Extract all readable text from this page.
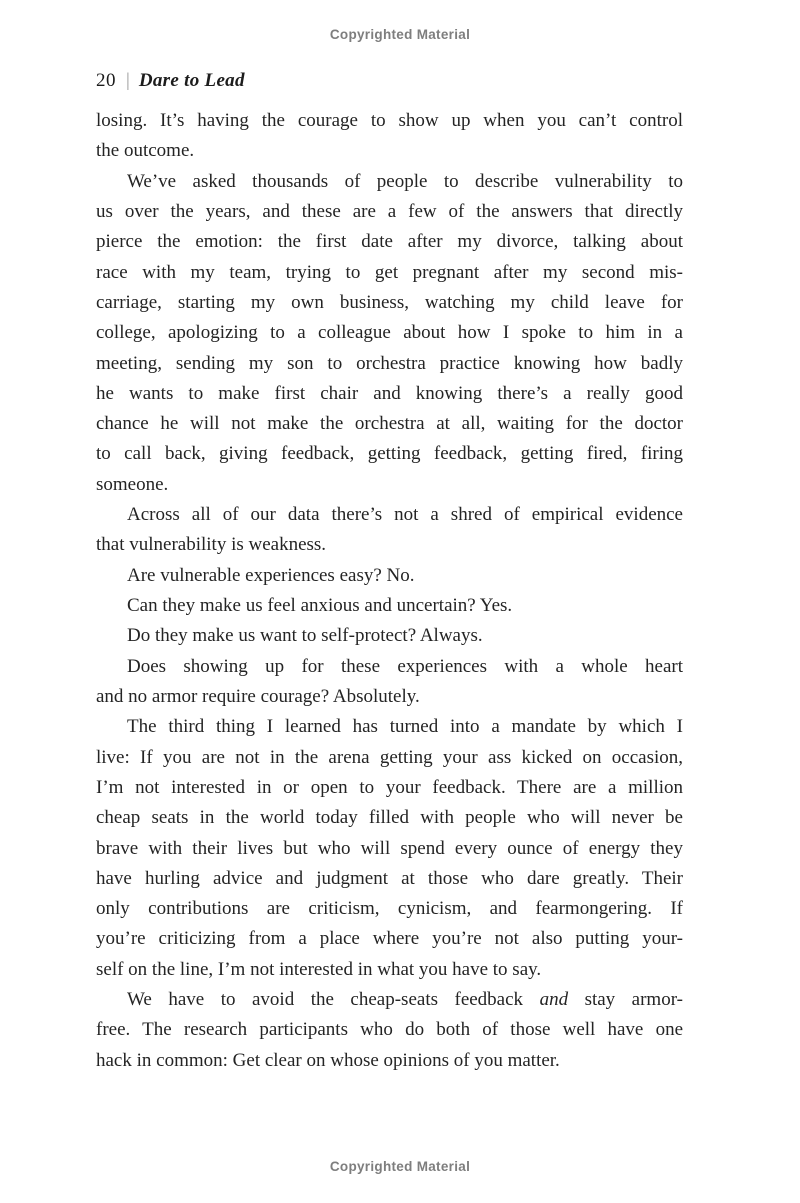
Copyrighted Material
20 | Dare to Lead
losing. It’s having the courage to show up when you can’t control
the outcome.
We’ve asked thousands of people to describe vulnerability to
us over the years, and these are a few of the answers that directly
pierce the emotion: the first date after my divorce, talking about
race with my team, trying to get pregnant after my second mis-
carriage, starting my own business, watching my child leave for
college, apologizing to a colleague about how I spoke to him in a
meeting, sending my son to orchestra practice knowing how badly
he wants to make first chair and knowing there’s a really good
chance he will not make the orchestra at all, waiting for the doctor
to call back, giving feedback, getting feedback, getting fired, firing
someone.
Across all of our data there’s not a shred of empirical evidence
that vulnerability is weakness.
Are vulnerable experiences easy? No.
Can they make us feel anxious and uncertain? Yes.
Do they make us want to self-protect? Always.
Does showing up for these experiences with a whole heart
and no armor require courage? Absolutely.
The third thing I learned has turned into a mandate by which I
live: If you are not in the arena getting your ass kicked on occasion,
I’m not interested in or open to your feedback. There are a million
cheap seats in the world today filled with people who will never be
brave with their lives but who will spend every ounce of energy they
have hurling advice and judgment at those who dare greatly. Their
only contributions are criticism, cynicism, and fearmongering. If
you’re criticizing from a place where you’re not also putting your-
self on the line, I’m not interested in what you have to say.
We have to avoid the cheap-seats feedback and stay armor-
free. The research participants who do both of those well have one
hack in common: Get clear on whose opinions of you matter.
Copyrighted Material
